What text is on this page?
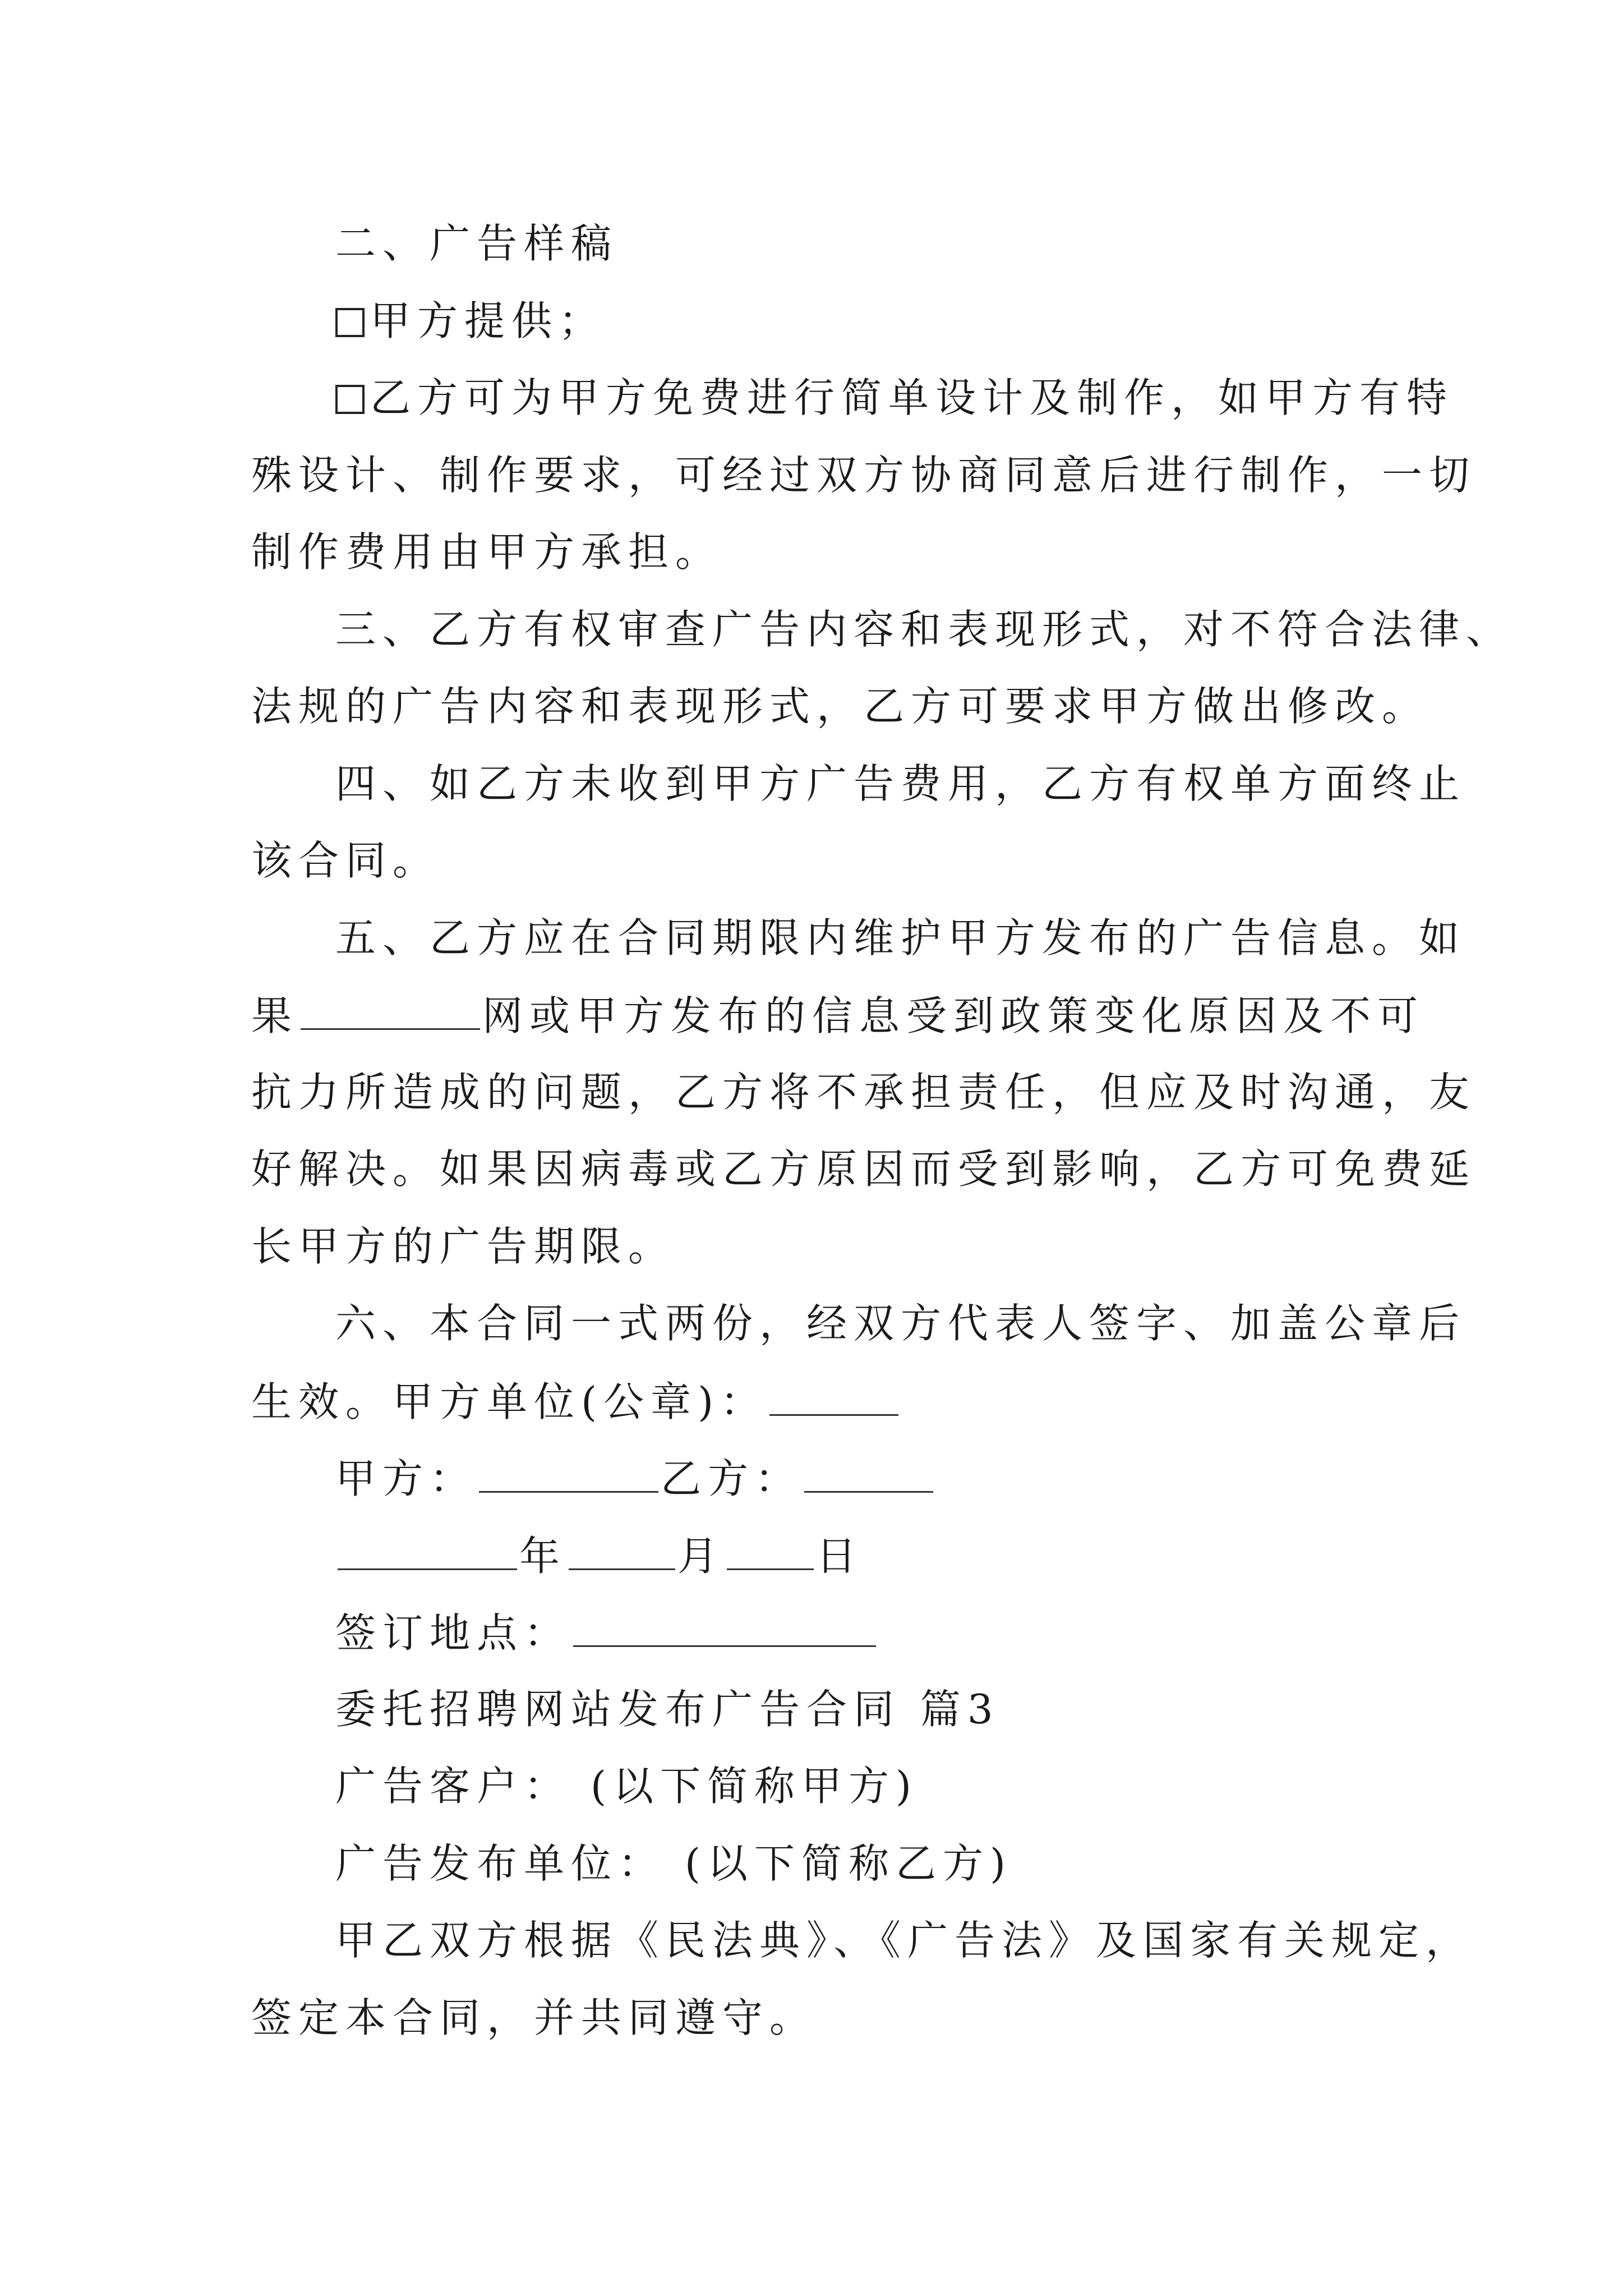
二、广告样稿
甲方提供；
乙方可为甲方免费进行简单设计及制作，如甲方有特
殊设计、制作要求，可经过双方协商同意后进行制作，一切
制作费用由甲方承担。
三、乙方有权审查广告内容和表现形式，对不符合法律、
法规的广告内容和表现形式，乙方可要求甲方做出修改。
四、如乙方未收到甲方广告费用，乙方有权单方面终止
该合同。
五、乙方应在合同期限内维护甲方发布的广告信息。如
果	网或甲方发布的信息受到政策变化原因及不可
抗力所造成的问题，乙方将不承担责任，但应及时沟通，友
好解决。如果因病毒或乙方原因而受到影响，乙方可免费延
长甲方的广告期限。
六、本合同一式两份，经双方代表人签字、加盖公章后
生效。甲方单位(公章)：
甲方：	乙方：
年	月 日
签订地点：
委托招聘网站发布广告合同 篇3
广告客户： (以下简称甲方)
广告发布单位： (以下简称乙方)
甲乙双方根据《民法典》、《广告法》及国家有关规定，
签定本合同，并共同遵守。
